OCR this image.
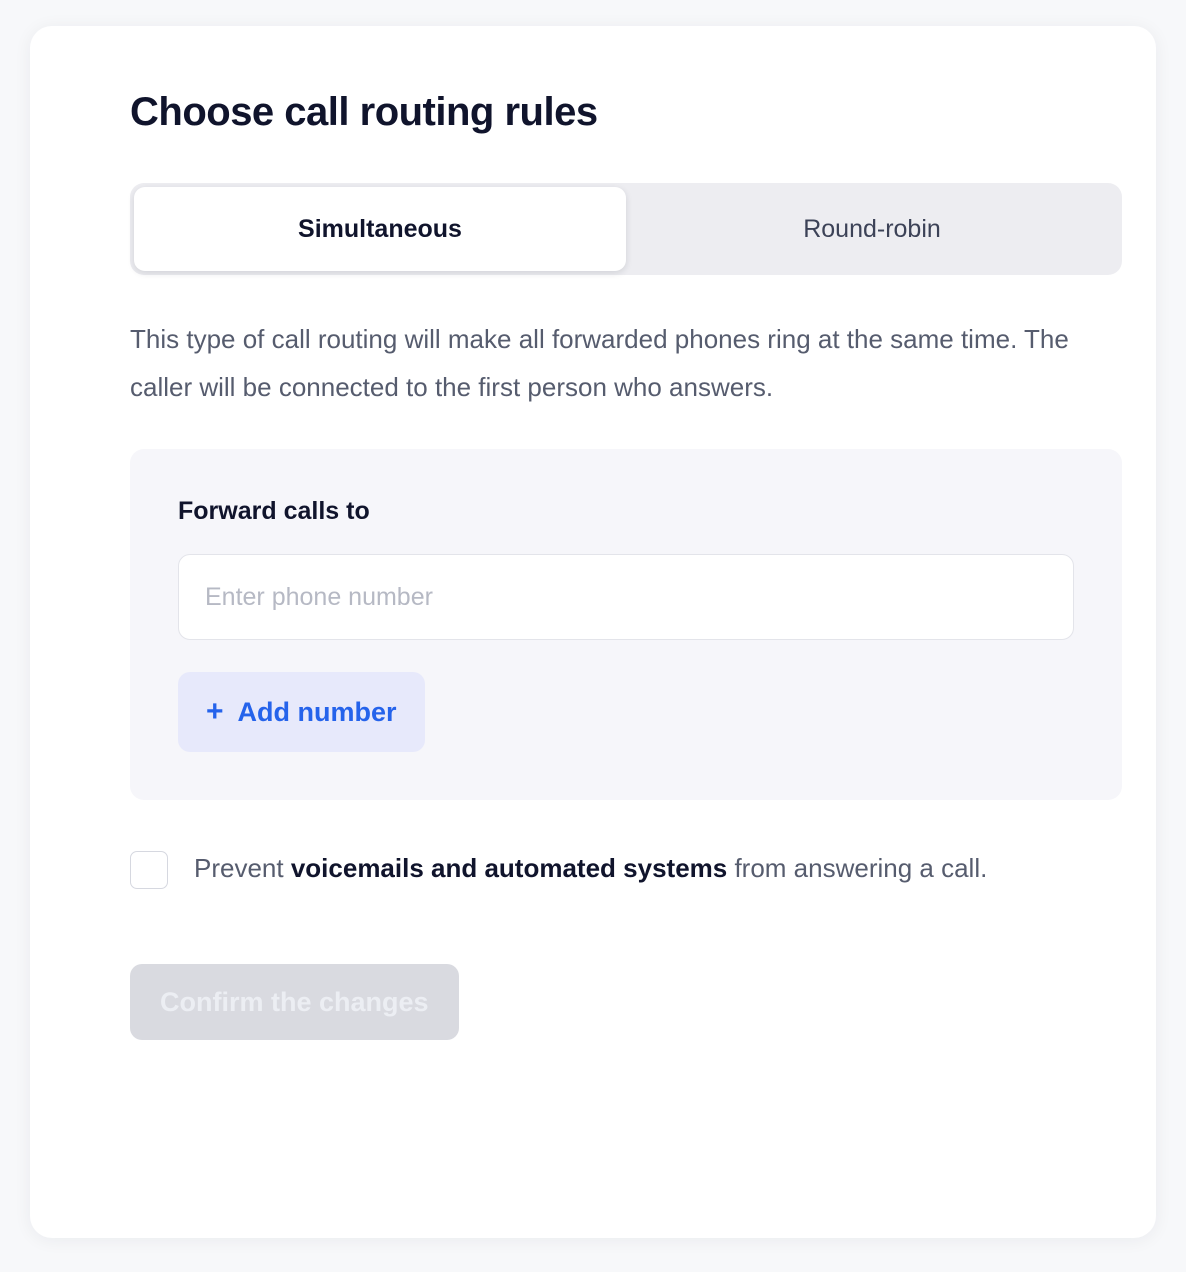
Choose call routing rules
Simultaneous	Round-robin

This type of call routing will make all forwarded phones ring at the same time. The caller will be connected to the first person who answers.

Forward calls to
Enter phone number
+ Add number
Prevent voicemails and automated systems from answering a call.
Confirm the changes
